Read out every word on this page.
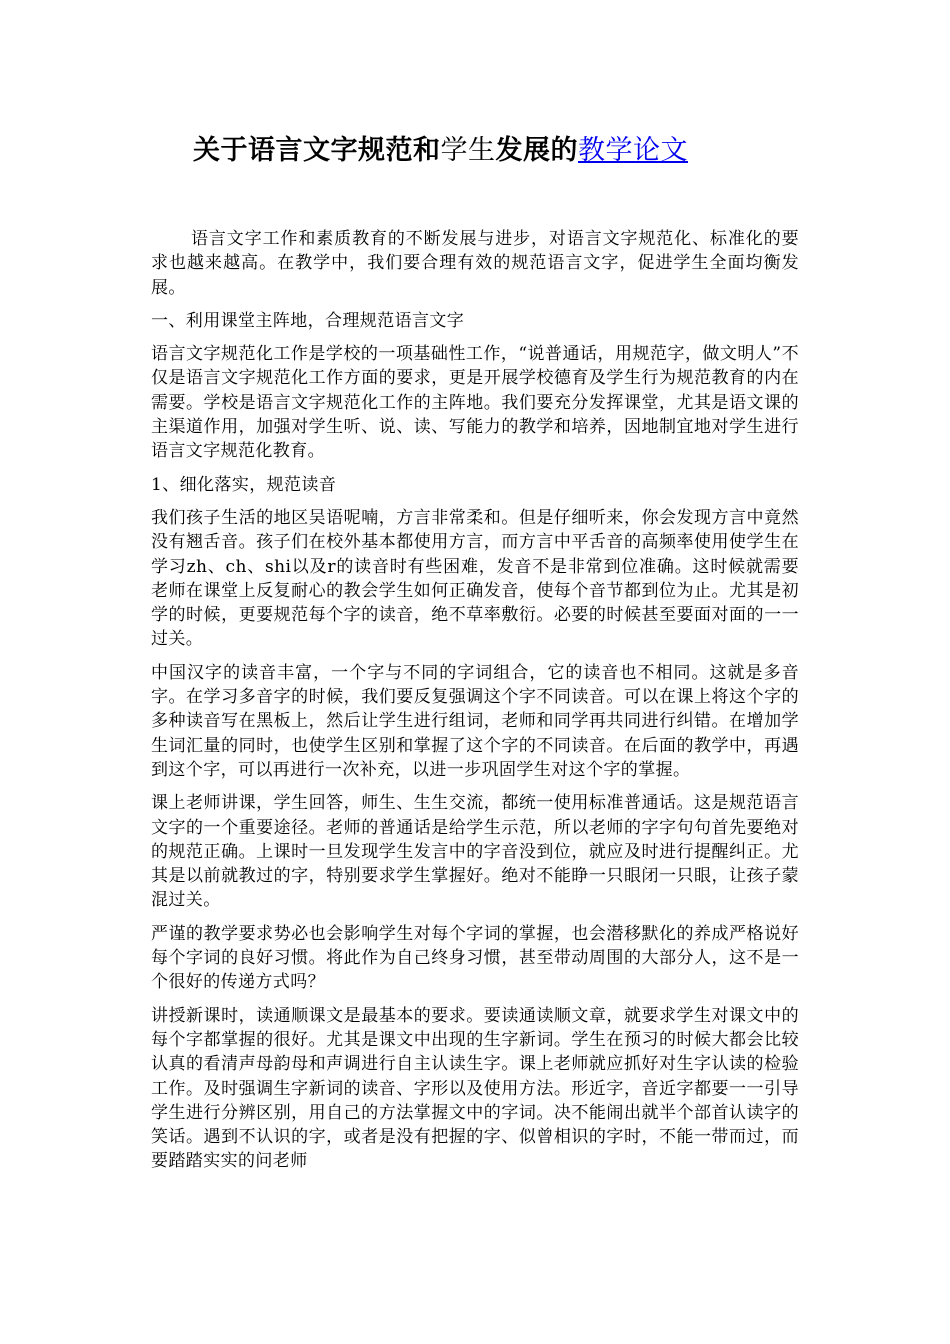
关于语言文字规范和学生发展的教学论文

语言文字工作和素质教育的不断发展与进步，对语言文字规范化、标准化的要求也越来越高。在教学中，我们要合理有效的规范语言文字，促进学生全面均衡发展。

一、利用课堂主阵地，合理规范语言文字

语言文字规范化工作是学校的一项基础性工作，“说普通话，用规范字，做文明人”不仅是语言文字规范化工作方面的要求，更是开展学校德育及学生行为规范教育的内在需要。学校是语言文字规范化工作的主阵地。我们要充分发挥课堂，尤其是语文课的主渠道作用，加强对学生听、说、读、写能力的教学和培养，因地制宜地对学生进行语言文字规范化教育。

1、细化落实，规范读音

我们孩子生活的地区吴语呢喃，方言非常柔和。但是仔细听来，你会发现方言中竟然没有翘舌音。孩子们在校外基本都使用方言，而方言中平舌音的高频率使用使学生在学习zh、ch、shi以及r的读音时有些困难，发音不是非常到位准确。这时候就需要老师在课堂上反复耐心的教会学生如何正确发音，使每个音节都到位为止。尤其是初学的时候，更要规范每个字的读音，绝不草率敷衍。必要的时候甚至要面对面的一一过关。

中国汉字的读音丰富，一个字与不同的字词组合，它的读音也不相同。这就是多音字。在学习多音字的时候，我们要反复强调这个字不同读音。可以在课上将这个字的多种读音写在黑板上，然后让学生进行组词，老师和同学再共同进行纠错。在增加学生词汇量的同时，也使学生区别和掌握了这个字的不同读音。在后面的教学中，再遇到这个字，可以再进行一次补充，以进一步巩固学生对这个字的掌握。

课上老师讲课，学生回答，师生、生生交流，都统一使用标准普通话。这是规范语言文字的一个重要途径。老师的普通话是给学生示范，所以老师的字字句句首先要绝对的规范正确。上课时一旦发现学生发言中的字音没到位，就应及时进行提醒纠正。尤其是以前就教过的字，特别要求学生掌握好。绝对不能睁一只眼闭一只眼，让孩子蒙混过关。

严谨的教学要求势必也会影响学生对每个字词的掌握，也会潜移默化的养成严格说好每个字词的良好习惯。将此作为自己终身习惯，甚至带动周围的大部分人，这不是一个很好的传递方式吗？

讲授新课时，读通顺课文是最基本的要求。要读通读顺文章，就要求学生对课文中的每个字都掌握的很好。尤其是课文中出现的生字新词。学生在预习的时候大都会比较认真的看清声母韵母和声调进行自主认读生字。课上老师就应抓好对生字认读的检验工作。及时强调生字新词的读音、字形以及使用方法。形近字，音近字都要一一引导学生进行分辨区别，用自己的方法掌握文中的字词。决不能闹出就半个部首认读字的笑话。遇到不认识的字，或者是没有把握的字、似曾相识的字时，不能一带而过，而要踏踏实实的问老师
